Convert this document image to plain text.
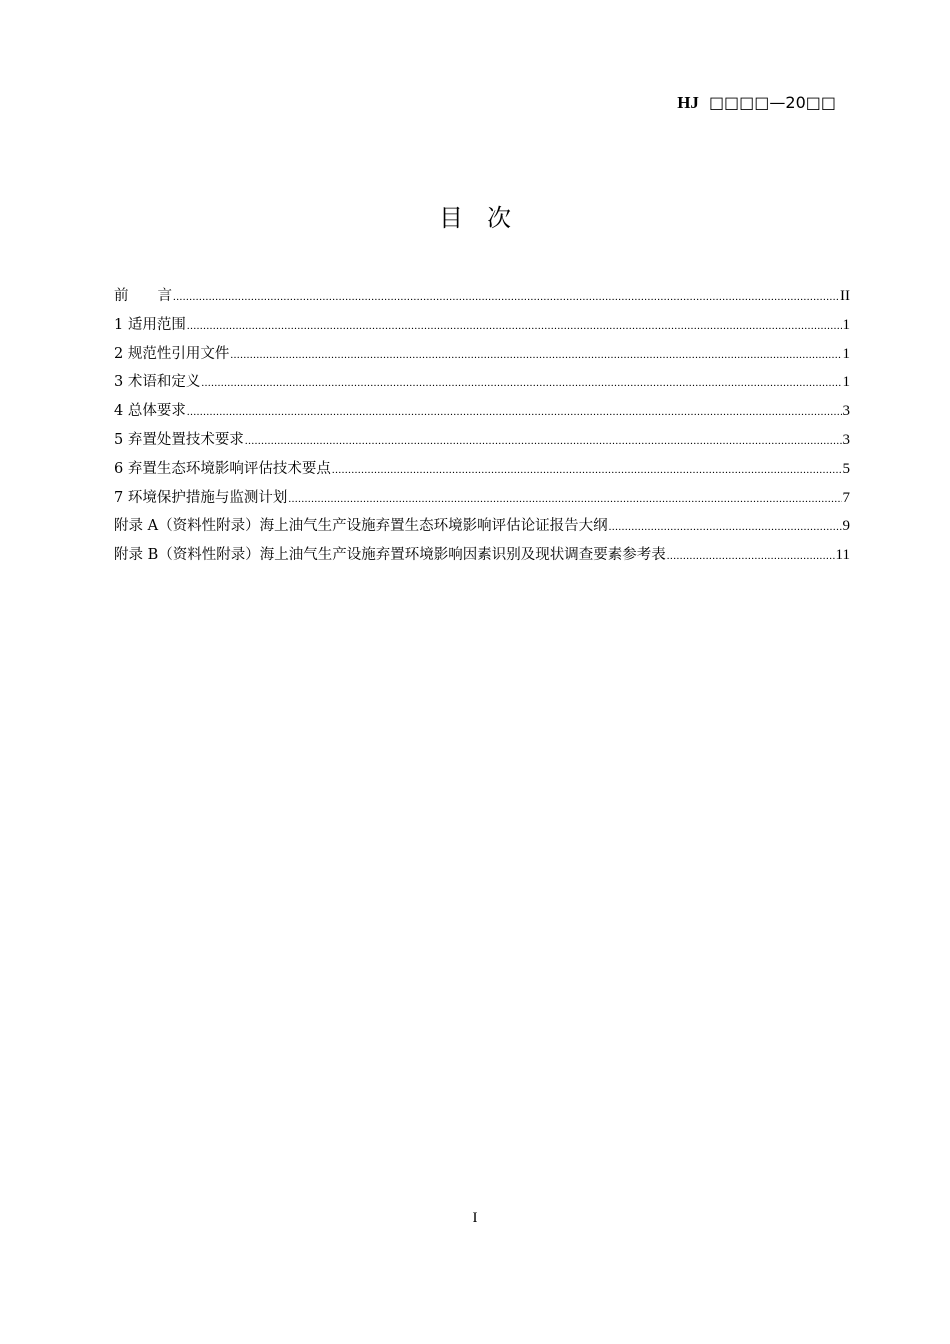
HJ □□□□—20□□
目　次
前　　言 .....	II
1 适用范围 .....	1
2 规范性引用文件 .....	1
3 术语和定义 .....	1
4 总体要求 .....	3
5 弃置处置技术要求 .....	3
6 弃置生态环境影响评估技术要点 .....	5
7 环境保护措施与监测计划 .....	7
附录 A（资料性附录）海上油气生产设施弃置生态环境影响评估论证报告大纲 .....	9
附录 B（资料性附录）海上油气生产设施弃置环境影响因素识别及现状调查要素参考表 .....	11
I
